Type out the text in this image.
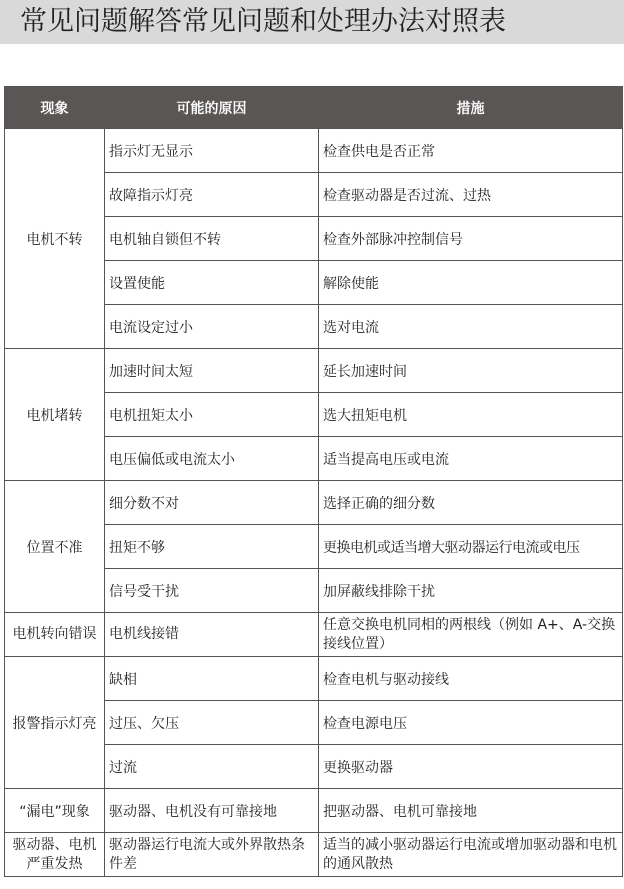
常见问题解答常见问题和处理办法对照表
现象	可能的原因	措施
电机不转	指示灯无显示	检查供电是否正常
	故障指示灯亮	检查驱动器是否过流、过热
	电机轴自锁但不转	检查外部脉冲控制信号
	设置使能	解除使能
	电流设定过小	选对电流
电机堵转	加速时间太短	延长加速时间
	电机扭矩太小	选大扭矩电机
	电压偏低或电流太小	适当提高电压或电流
位置不准	细分数不对	选择正确的细分数
	扭矩不够	更换电机或适当增大驱动器运行电流或电压
	信号受干扰	加屏蔽线排除干扰
电机转向错误	电机线接错	任意交换电机同相的两根线（例如 A+、A-交换接线位置）
报警指示灯亮	缺相	检查电机与驱动接线
	过压、欠压	检查电源电压
	过流	更换驱动器
“漏电”现象	驱动器、电机没有可靠接地	把驱动器、电机可靠接地
驱动器、电机严重发热	驱动器运行电流大或外界散热条件差	适当的减小驱动器运行电流或增加驱动器和电机的通风散热
